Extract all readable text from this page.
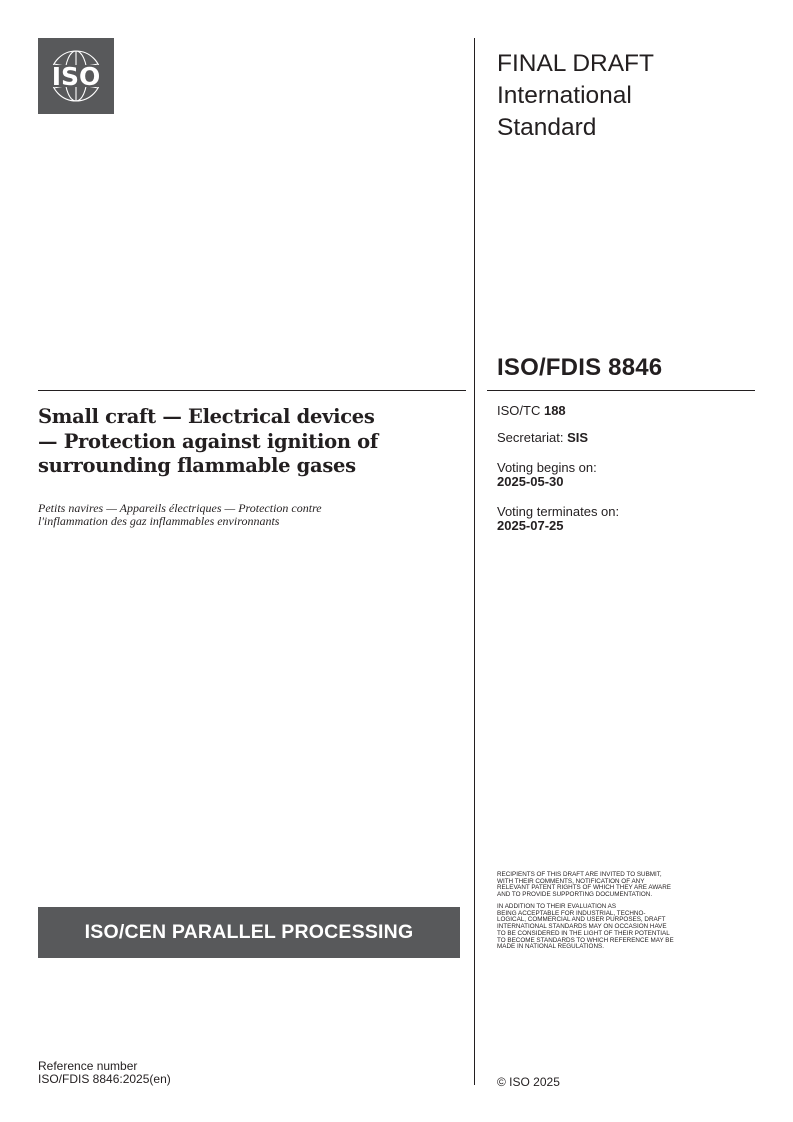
ISO	FINAL DRAFT
International
Standard
ISO/FDIS 8846
Small craft — Electrical devices
— Protection against ignition of
surrounding flammable gases
Petits navires — Appareils électriques — Protection contre
l'inflammation des gaz inflammables environnants
ISO/TC 188
Secretariat: SIS
Voting begins on:
2025-05-30
Voting terminates on:
2025-07-25
RECIPIENTS OF THIS DRAFT ARE INVITED TO SUBMIT,
WITH THEIR COMMENTS, NOTIFICATION OF ANY
RELEVANT PATENT RIGHTS OF WHICH THEY ARE AWARE
AND TO PROVIDE SUPPORTING DOCUMENTATION.
IN ADDITION TO THEIR EVALUATION AS
BEING ACCEPTABLE FOR INDUSTRIAL, TECHNO-
LOGICAL, COMMERCIAL AND USER PURPOSES, DRAFT
INTERNATIONAL STANDARDS MAY ON OCCASION HAVE
TO BE CONSIDERED IN THE LIGHT OF THEIR POTENTIAL
TO BECOME STANDARDS TO WHICH REFERENCE MAY BE
MADE IN NATIONAL REGULATIONS.
ISO/CEN PARALLEL PROCESSING
Reference number
ISO/FDIS 8846:2025(en)	© ISO 2025
